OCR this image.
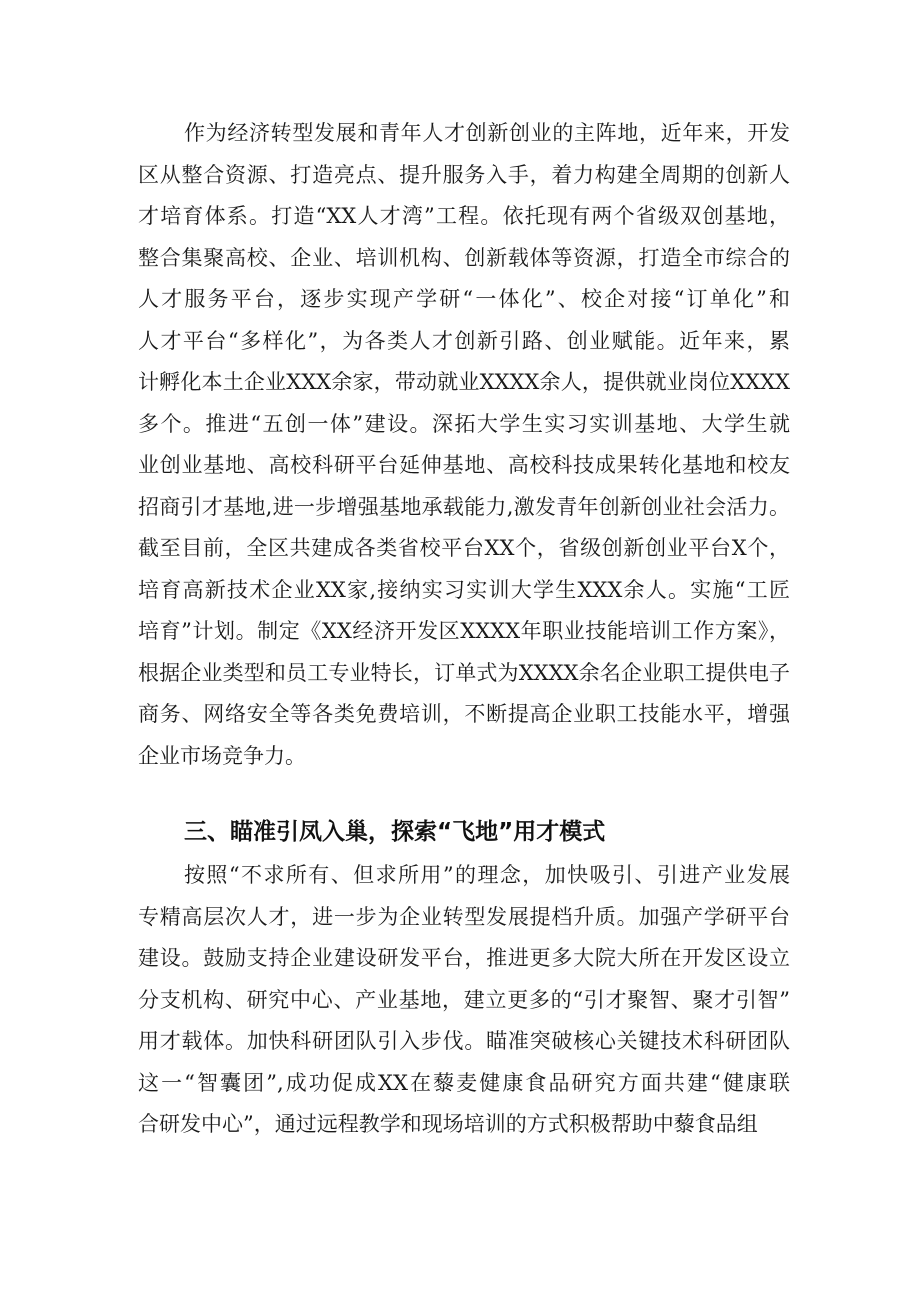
作为经济转型发展和青年人才创新创业的主阵地，近年来，开发
区从整合资源、打造亮点、提升服务入手，着力构建全周期的创新人
才培育体系。打造“XX人才湾”工程。依托现有两个省级双创基地，
整合集聚高校、企业、培训机构、创新载体等资源，打造全市综合的
人才服务平台，逐步实现产学研“一体化”、校企对接“订单化”和
人才平台“多样化”，为各类人才创新引路、创业赋能。近年来，累
计孵化本土企业XXX余家，带动就业XXXX余人，提供就业岗位XXXX
多个。推进“五创一体”建设。深拓大学生实习实训基地、大学生就
业创业基地、高校科研平台延伸基地、高校科技成果转化基地和校友
招商引才基地,进一步增强基地承载能力,激发青年创新创业社会活力。
截至目前，全区共建成各类省校平台XX个，省级创新创业平台X个，
培育高新技术企业XX家,接纳实习实训大学生XXX余人。实施“工匠
培育”计划。制定《XX经济开发区XXXX年职业技能培训工作方案》，
根据企业类型和员工专业特长，订单式为XXXX余名企业职工提供电子
商务、网络安全等各类免费培训，不断提高企业职工技能水平，增强
企业市场竞争力。
三、瞄准引凤入巢，探索“飞地”用才模式
按照“不求所有、但求所用”的理念，加快吸引、引进产业发展
专精高层次人才，进一步为企业转型发展提档升质。加强产学研平台
建设。鼓励支持企业建设研发平台，推进更多大院大所在开发区设立
分支机构、研究中心、产业基地，建立更多的“引才聚智、聚才引智”
用才载体。加快科研团队引入步伐。瞄准突破核心关键技术科研团队
这一“智囊团”,成功促成XX在藜麦健康食品研究方面共建“健康联
合研发中心”，通过远程教学和现场培训的方式积极帮助中藜食品组
